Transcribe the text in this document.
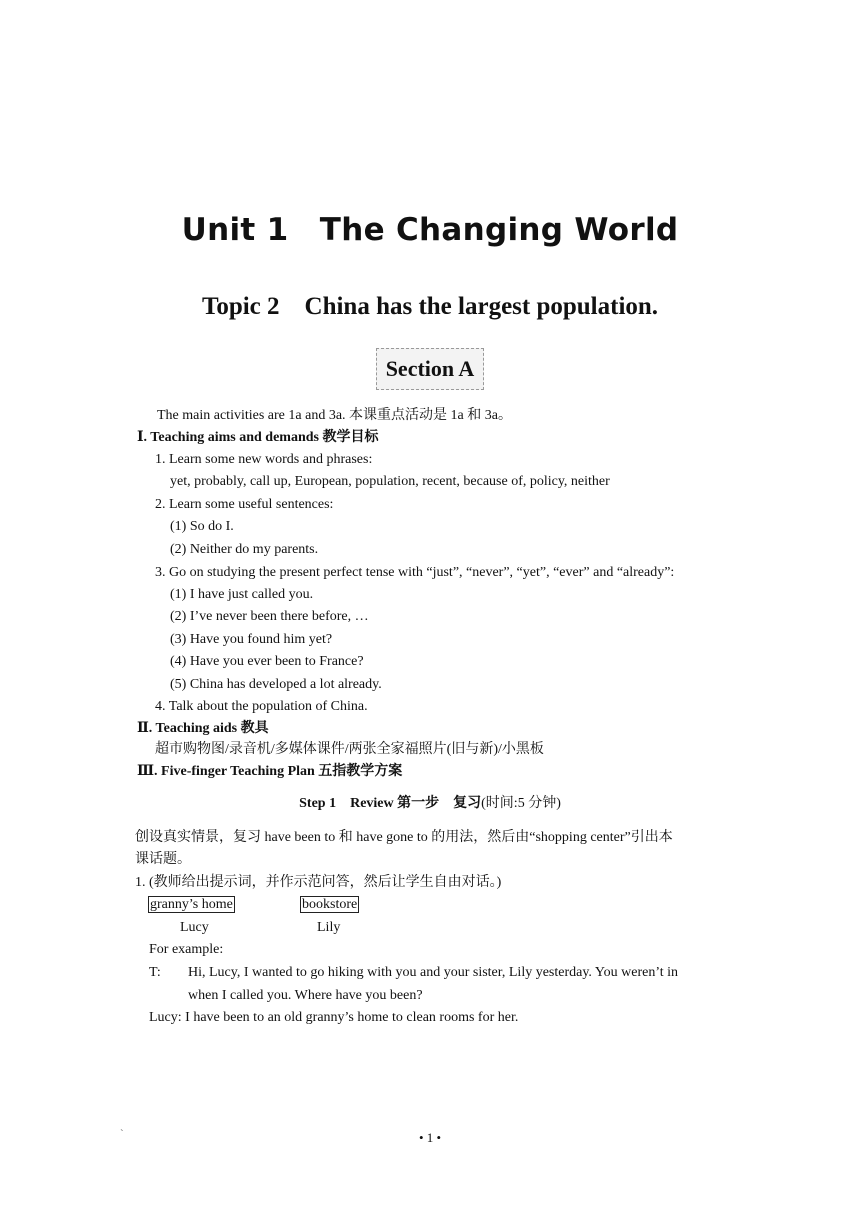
Unit 1　The Changing World
Topic 2　China has the largest population.
Section A
The main activities are 1a and 3a. 本课重点活动是 1a 和 3a。
Ⅰ. Teaching aims and demands 教学目标
1. Learn some new words and phrases:
yet, probably, call up, European, population, recent, because of, policy, neither
2. Learn some useful sentences:
(1) So do I.
(2) Neither do my parents.
3. Go on studying the present perfect tense with “just”, “never”, “yet”, “ever” and “already”:
(1) I have just called you.
(2) I’ve never been there before, …
(3) Have you found him yet?
(4) Have you ever been to France?
(5) China has developed a lot already.
4. Talk about the population of China.
Ⅱ. Teaching aids 教具
超市购物图/录音机/多媒体课件/两张全家福照片(旧与新)/小黑板
Ⅲ. Five-finger Teaching Plan 五指教学方案
Step 1　Review 第一步　复习(时间:5 分钟)
创设真实情景，复习 have been to 和 have gone to 的用法，然后由“shopping center”引出本
课话题。
1. (教师给出提示词，并作示范问答，然后让学生自由对话。)
granny’s home	bookstore
Lucy	Lily
For example:
T: Hi, Lucy, I wanted to go hiking with you and your sister, Lily yesterday. You weren’t in
when I called you. Where have you been?
Lucy: I have been to an old granny’s home to clean rooms for her.
`	• 1 •
